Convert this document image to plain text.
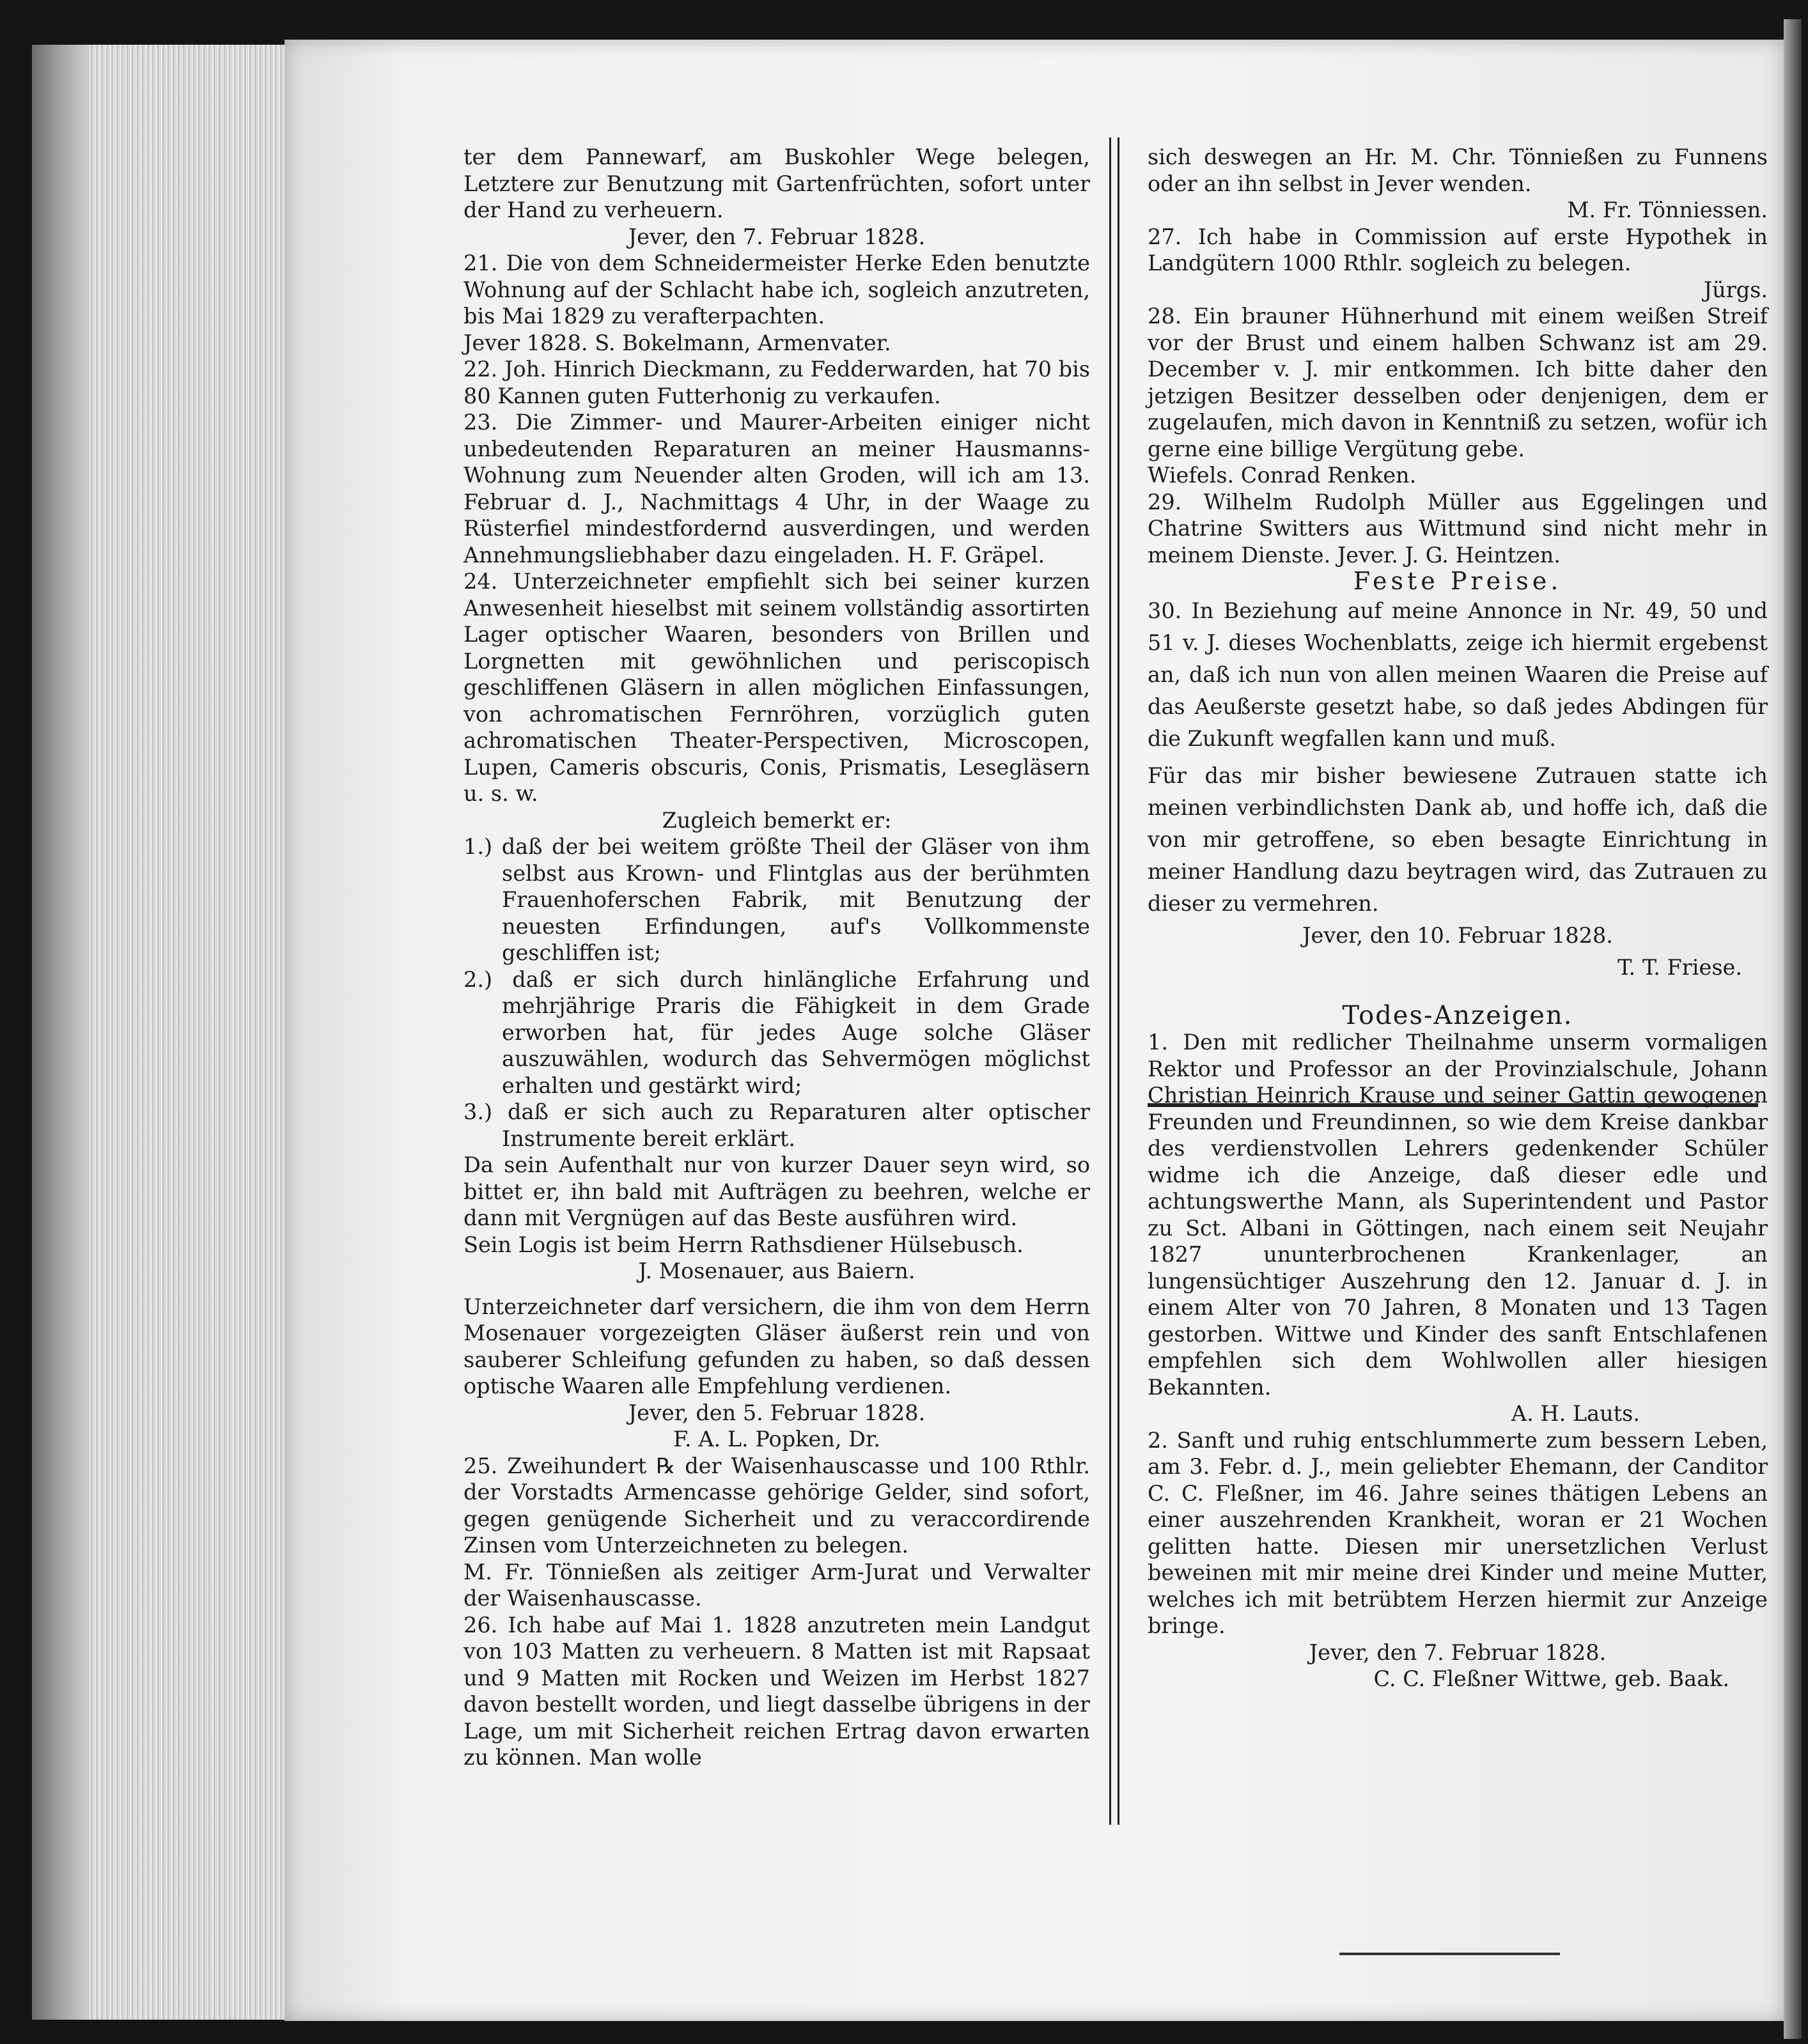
ter dem Pannewarf, am Buskohler Wege belegen, Letztere zur Benutzung mit Gartenfrüchten, sofort unter der Hand zu verheuern.

Jever, den 7. Februar 1828.

21. Die von dem Schneidermeister Herke Eden benutzte Wohnung auf der Schlacht habe ich, sogleich anzutreten, bis Mai 1829 zu verafterpachten.

Jever 1828. S. Bokelmann, Armenvater.

22. Joh. Hinrich Dieckmann, zu Fedderwarden, hat 70 bis 80 Kannen guten Futterhonig zu verkaufen.

23. Die Zimmer- und Maurer-Arbeiten einiger nicht unbedeutenden Reparaturen an meiner Hausmanns-Wohnung zum Neuender alten Groden, will ich am 13. Februar d. J., Nachmittags 4 Uhr, in der Waage zu Rüsterfiel mindestfordernd ausverdingen, und werden Annehmungsliebhaber dazu eingeladen. H. F. Gräpel.

24. Unterzeichneter empfiehlt sich bei seiner kurzen Anwesenheit hieselbst mit seinem vollständig assortirten Lager optischer Waaren, besonders von Brillen und Lorgnetten mit gewöhnlichen und periscopisch geschliffenen Gläsern in allen möglichen Einfassungen, von achromatischen Fernröhren, vorzüglich guten achromatischen Theater-Perspectiven, Microscopen, Lupen, Cameris obscuris, Conis, Prismatis, Lesegläsern u. s. w.

Zugleich bemerkt er:

1.) daß der bei weitem größte Theil der Gläser von ihm selbst aus Krown- und Flintglas aus der berühmten Frauenhoferschen Fabrik, mit Benutzung der neuesten Erfindungen, auf's Vollkommenste geschliffen ist;

2.) daß er sich durch hinlängliche Erfahrung und mehrjährige Praris die Fähigkeit in dem Grade erworben hat, für jedes Auge solche Gläser auszuwählen, wodurch das Sehvermögen möglichst erhalten und gestärkt wird;

3.) daß er sich auch zu Reparaturen alter optischer Instrumente bereit erklärt.

Da sein Aufenthalt nur von kurzer Dauer seyn wird, so bittet er, ihn bald mit Aufträgen zu beehren, welche er dann mit Vergnügen auf das Beste ausführen wird.

Sein Logis ist beim Herrn Rathsdiener Hülsebusch.

J. Mosenauer, aus Baiern.

Unterzeichneter darf versichern, die ihm von dem Herrn Mosenauer vorgezeigten Gläser äußerst rein und von sauberer Schleifung gefunden zu haben, so daß dessen optische Waaren alle Empfehlung verdienen.

Jever, den 5. Februar 1828.

F. A. L. Popken, Dr.

25. Zweihundert ℞ der Waisenhauscasse und 100 Rthlr. der Vorstadts Armencasse gehörige Gelder, sind sofort, gegen genügende Sicherheit und zu veraccordirende Zinsen vom Unterzeichneten zu belegen.

M. Fr. Tönnießen als zeitiger Arm-Jurat und Verwalter der Waisenhauscasse.

26. Ich habe auf Mai 1. 1828 anzutreten mein Landgut von 103 Matten zu verheuern. 8 Matten ist mit Rapsaat und 9 Matten mit Rocken und Weizen im Herbst 1827 davon bestellt worden, und liegt dasselbe übrigens in der Lage, um mit Sicherheit reichen Ertrag davon erwarten zu können. Man wolle

sich deswegen an Hr. M. Chr. Tönnießen zu Funnens oder an ihn selbst in Jever wenden.

M. Fr. Tönniessen.

27. Ich habe in Commission auf erste Hypothek in Landgütern 1000 Rthlr. sogleich zu belegen.

Jürgs.

28. Ein brauner Hühnerhund mit einem weißen Streif vor der Brust und einem halben Schwanz ist am 29. December v. J. mir entkommen. Ich bitte daher den jetzigen Besitzer desselben oder denjenigen, dem er zugelaufen, mich davon in Kenntniß zu setzen, wofür ich gerne eine billige Vergütung gebe.

Wiefels. Conrad Renken.

29. Wilhelm Rudolph Müller aus Eggelingen und Chatrine Switters aus Wittmund sind nicht mehr in meinem Dienste. Jever. J. G. Heintzen.

Feste Preise.

30. In Beziehung auf meine Annonce in Nr. 49, 50 und 51 v. J. dieses Wochenblatts, zeige ich hiermit ergebenst an, daß ich nun von allen meinen Waaren die Preise auf das Aeußerste gesetzt habe, so daß jedes Abdingen für die Zukunft wegfallen kann und muß.

Für das mir bisher bewiesene Zutrauen statte ich meinen verbindlichsten Dank ab, und hoffe ich, daß die von mir getroffene, so eben besagte Einrichtung in meiner Handlung dazu beytragen wird, das Zutrauen zu dieser zu vermehren.

Jever, den 10. Februar 1828.

T. T. Friese.

Todes-Anzeigen.

1. Den mit redlicher Theilnahme unserm vormaligen Rektor und Professor an der Provinzialschule, Johann Christian Heinrich Krause und seiner Gattin gewogenen Freunden und Freundinnen, so wie dem Kreise dankbar des verdienstvollen Lehrers gedenkender Schüler widme ich die Anzeige, daß dieser edle und achtungswerthe Mann, als Superintendent und Pastor zu Sct. Albani in Göttingen, nach einem seit Neujahr 1827 ununterbrochenen Krankenlager, an lungensüchtiger Auszehrung den 12. Januar d. J. in einem Alter von 70 Jahren, 8 Monaten und 13 Tagen gestorben. Wittwe und Kinder des sanft Entschlafenen empfehlen sich dem Wohlwollen aller hiesigen Bekannten.

A. H. Lauts.

2. Sanft und ruhig entschlummerte zum bessern Leben, am 3. Febr. d. J., mein geliebter Ehemann, der Canditor C. C. Fleßner, im 46. Jahre seines thätigen Lebens an einer auszehrenden Krankheit, woran er 21 Wochen gelitten hatte. Diesen mir unersetzlichen Verlust beweinen mit mir meine drei Kinder und meine Mutter, welches ich mit betrübtem Herzen hiermit zur Anzeige bringe.

Jever, den 7. Februar 1828.

C. C. Fleßner Wittwe, geb. Baak.
